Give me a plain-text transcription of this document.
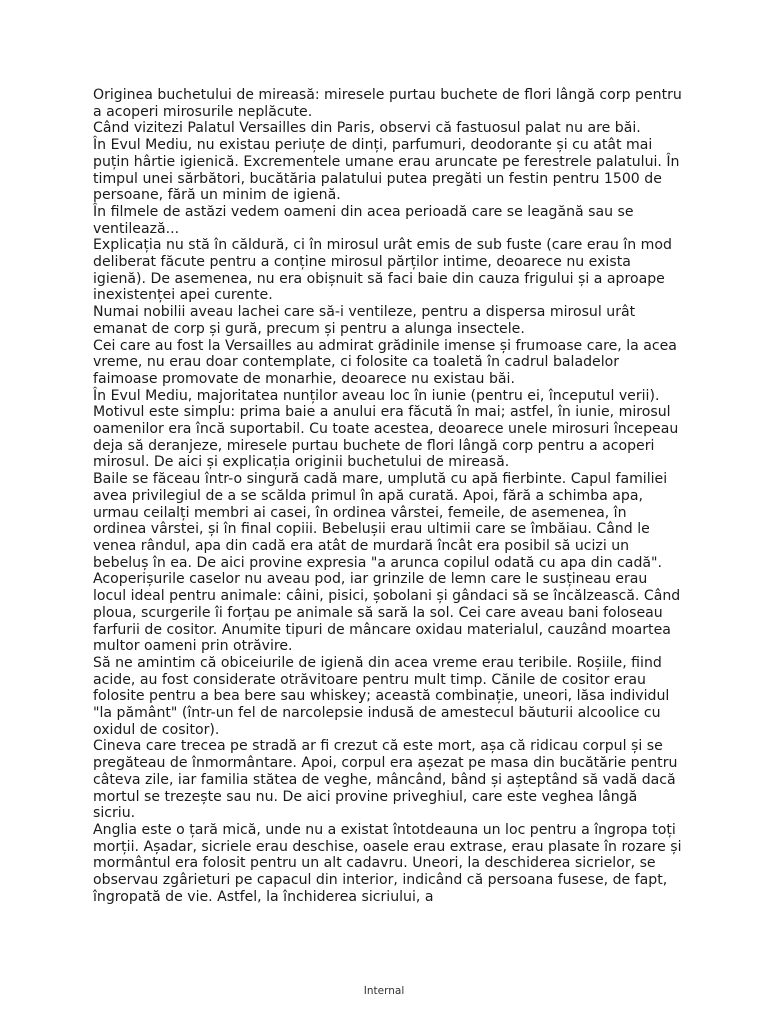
Originea buchetului de mireasă: miresele purtau buchete de flori lângă corp pentru a acoperi mirosurile neplăcute.

Când vizitezi Palatul Versailles din Paris, observi că fastuosul palat nu are băi.

În Evul Mediu, nu existau periuțe de dinți, parfumuri, deodorante și cu atât mai puțin hârtie igienică. Excrementele umane erau aruncate pe ferestrele palatului. În timpul unei sărbători, bucătăria palatului putea pregăti un festin pentru 1500 de persoane, fără un minim de igienă.

În filmele de astăzi vedem oameni din acea perioadă care se leagănă sau se ventilează...

Explicația nu stă în căldură, ci în mirosul urât emis de sub fuste (care erau în mod deliberat făcute pentru a conține mirosul părților intime, deoarece nu exista igienă). De asemenea, nu era obișnuit să faci baie din cauza frigului și a aproape inexistenței apei curente.

Numai nobilii aveau lachei care să-i ventileze, pentru a dispersa mirosul urât emanat de corp și gură, precum și pentru a alunga insectele.

Cei care au fost la Versailles au admirat grădinile imense și frumoase care, la acea vreme, nu erau doar contemplate, ci folosite ca toaletă în cadrul baladelor faimoase promovate de monarhie, deoarece nu existau băi.

În Evul Mediu, majoritatea nunților aveau loc în iunie (pentru ei, începutul verii). Motivul este simplu: prima baie a anului era făcută în mai; astfel, în iunie, mirosul oamenilor era încă suportabil. Cu toate acestea, deoarece unele mirosuri începeau deja să deranjeze, miresele purtau buchete de flori lângă corp pentru a acoperi mirosul. De aici și explicația originii buchetului de mireasă.

Baile se făceau într-o singură cadă mare, umplută cu apă fierbinte. Capul familiei avea privilegiul de a se scălda primul în apă curată. Apoi, fără a schimba apa, urmau ceilalți membri ai casei, în ordinea vârstei, femeile, de asemenea, în ordinea vârstei, și în final copiii. Bebelușii erau ultimii care se îmbăiau. Când le venea rândul, apa din cadă era atât de murdară încât era posibil să ucizi un bebeluș în ea. De aici provine expresia "a arunca copilul odată cu apa din cadă".

Acoperișurile caselor nu aveau pod, iar grinzile de lemn care le susțineau erau locul ideal pentru animale: câini, pisici, șobolani și gândaci să se încălzească. Când ploua, scurgerile îi forțau pe animale să sară la sol. Cei care aveau bani foloseau farfurii de cositor. Anumite tipuri de mâncare oxidau materialul, cauzând moartea multor oameni prin otrăvire.

Să ne amintim că obiceiurile de igienă din acea vreme erau teribile. Roșiile, fiind acide, au fost considerate otrăvitoare pentru mult timp. Cănile de cositor erau folosite pentru a bea bere sau whiskey; această combinație, uneori, lăsa individul "la pământ" (într-un fel de narcolepsie indusă de amestecul băuturii alcoolice cu oxidul de cositor).

Cineva care trecea pe stradă ar fi crezut că este mort, așa că ridicau corpul și se pregăteau de înmormântare. Apoi, corpul era așezat pe masa din bucătărie pentru câteva zile, iar familia stătea de veghe, mâncând, bând și așteptând să vadă dacă mortul se trezește sau nu. De aici provine priveghiul, care este veghea lângă sicriu.

Anglia este o țară mică, unde nu a existat întotdeauna un loc pentru a îngropa toți morții. Așadar, sicriele erau deschise, oasele erau extrase, erau plasate în rozare și mormântul era folosit pentru un alt cadavru. Uneori, la deschiderea sicrielor, se observau zgârieturi pe capacul din interior, indicând că persoana fusese, de fapt, îngropată de vie. Astfel, la închiderea sicriului, a

Internal
